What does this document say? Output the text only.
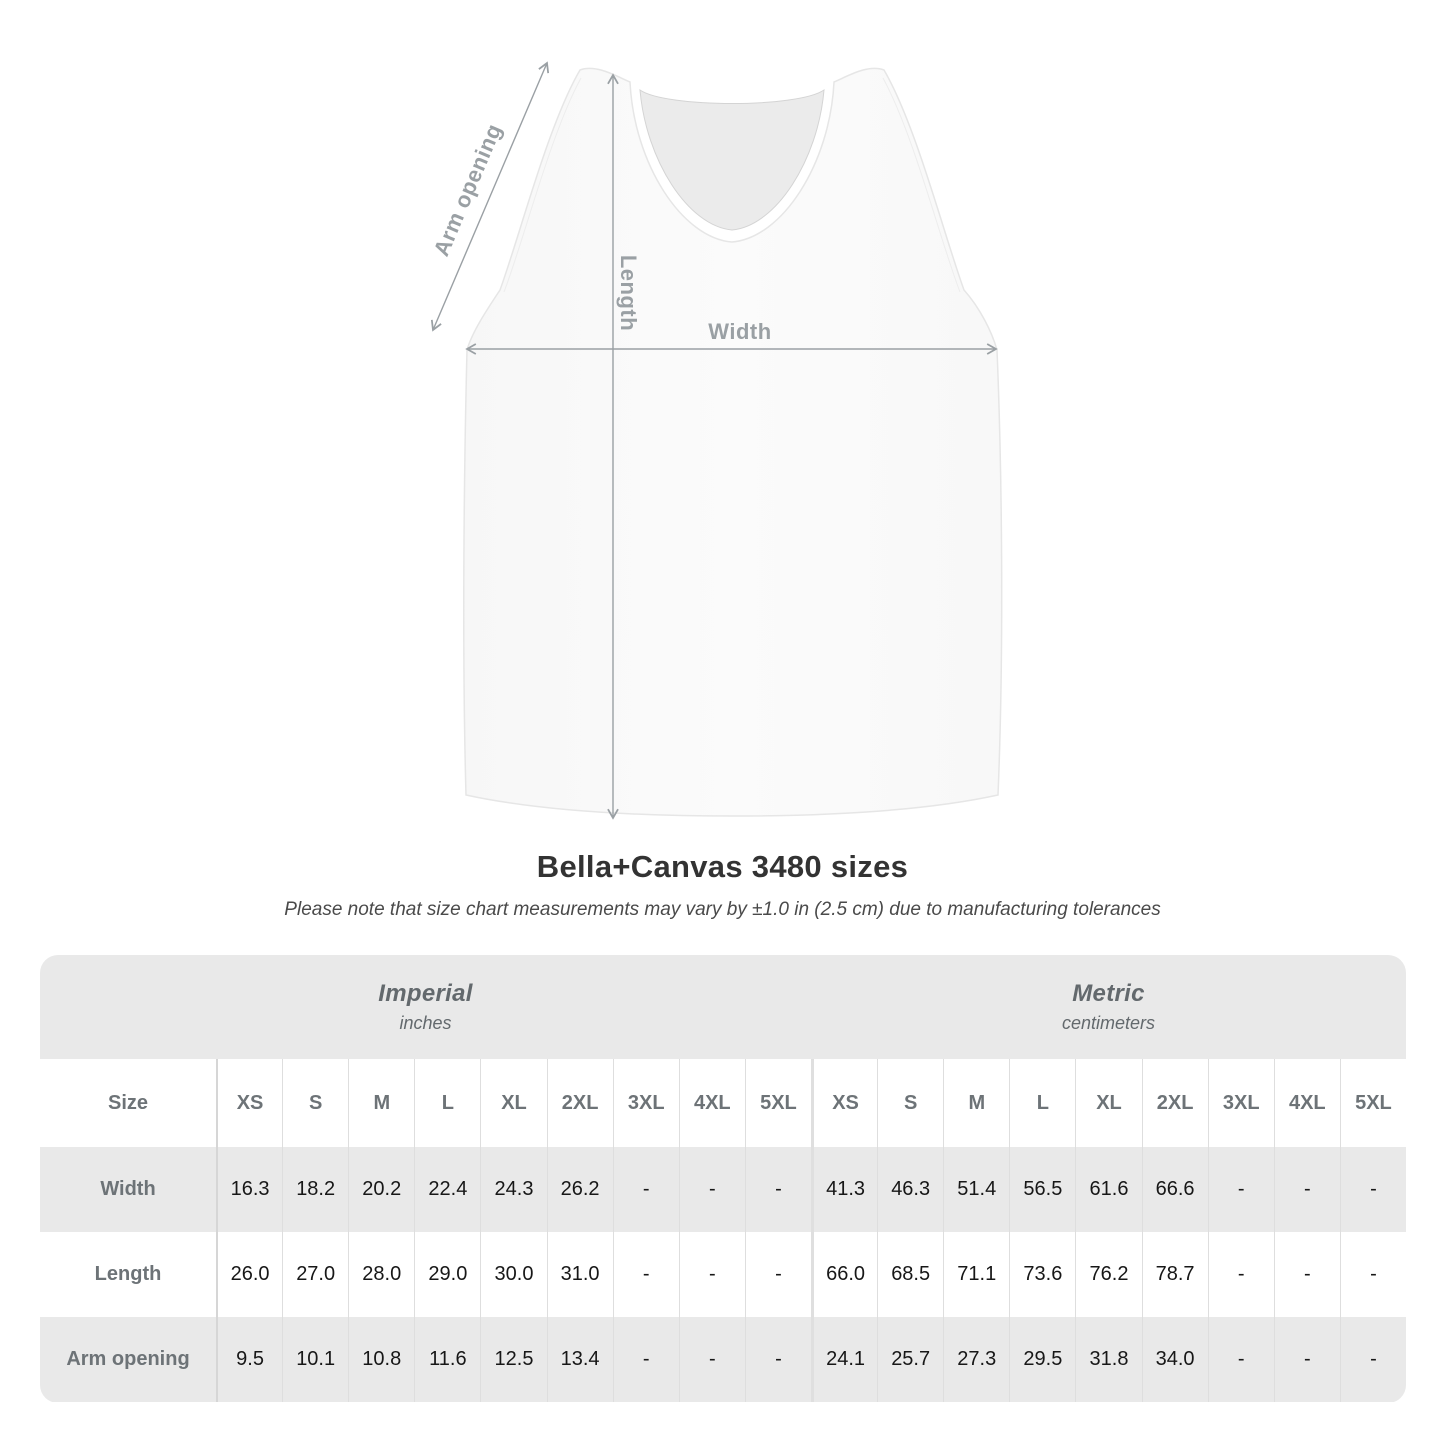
Arm opening
Length
Width
Bella+Canvas 3480 sizes
Please note that size chart measurements may vary by ±1.0 in (2.5 cm) due to manufacturing tolerances
Imperial
inches
Metric
centimeters
Size	XS	S	M	L	XL	2XL	3XL	4XL	5XL	XS	S	M	L	XL	2XL	3XL	4XL	5XL
Width	16.3	18.2	20.2	22.4	24.3	26.2	-	-	-	41.3	46.3	51.4	56.5	61.6	66.6	-	-	-
Length	26.0	27.0	28.0	29.0	30.0	31.0	-	-	-	66.0	68.5	71.1	73.6	76.2	78.7	-	-	-
Arm opening	9.5	10.1	10.8	11.6	12.5	13.4	-	-	-	24.1	25.7	27.3	29.5	31.8	34.0	-	-	-
